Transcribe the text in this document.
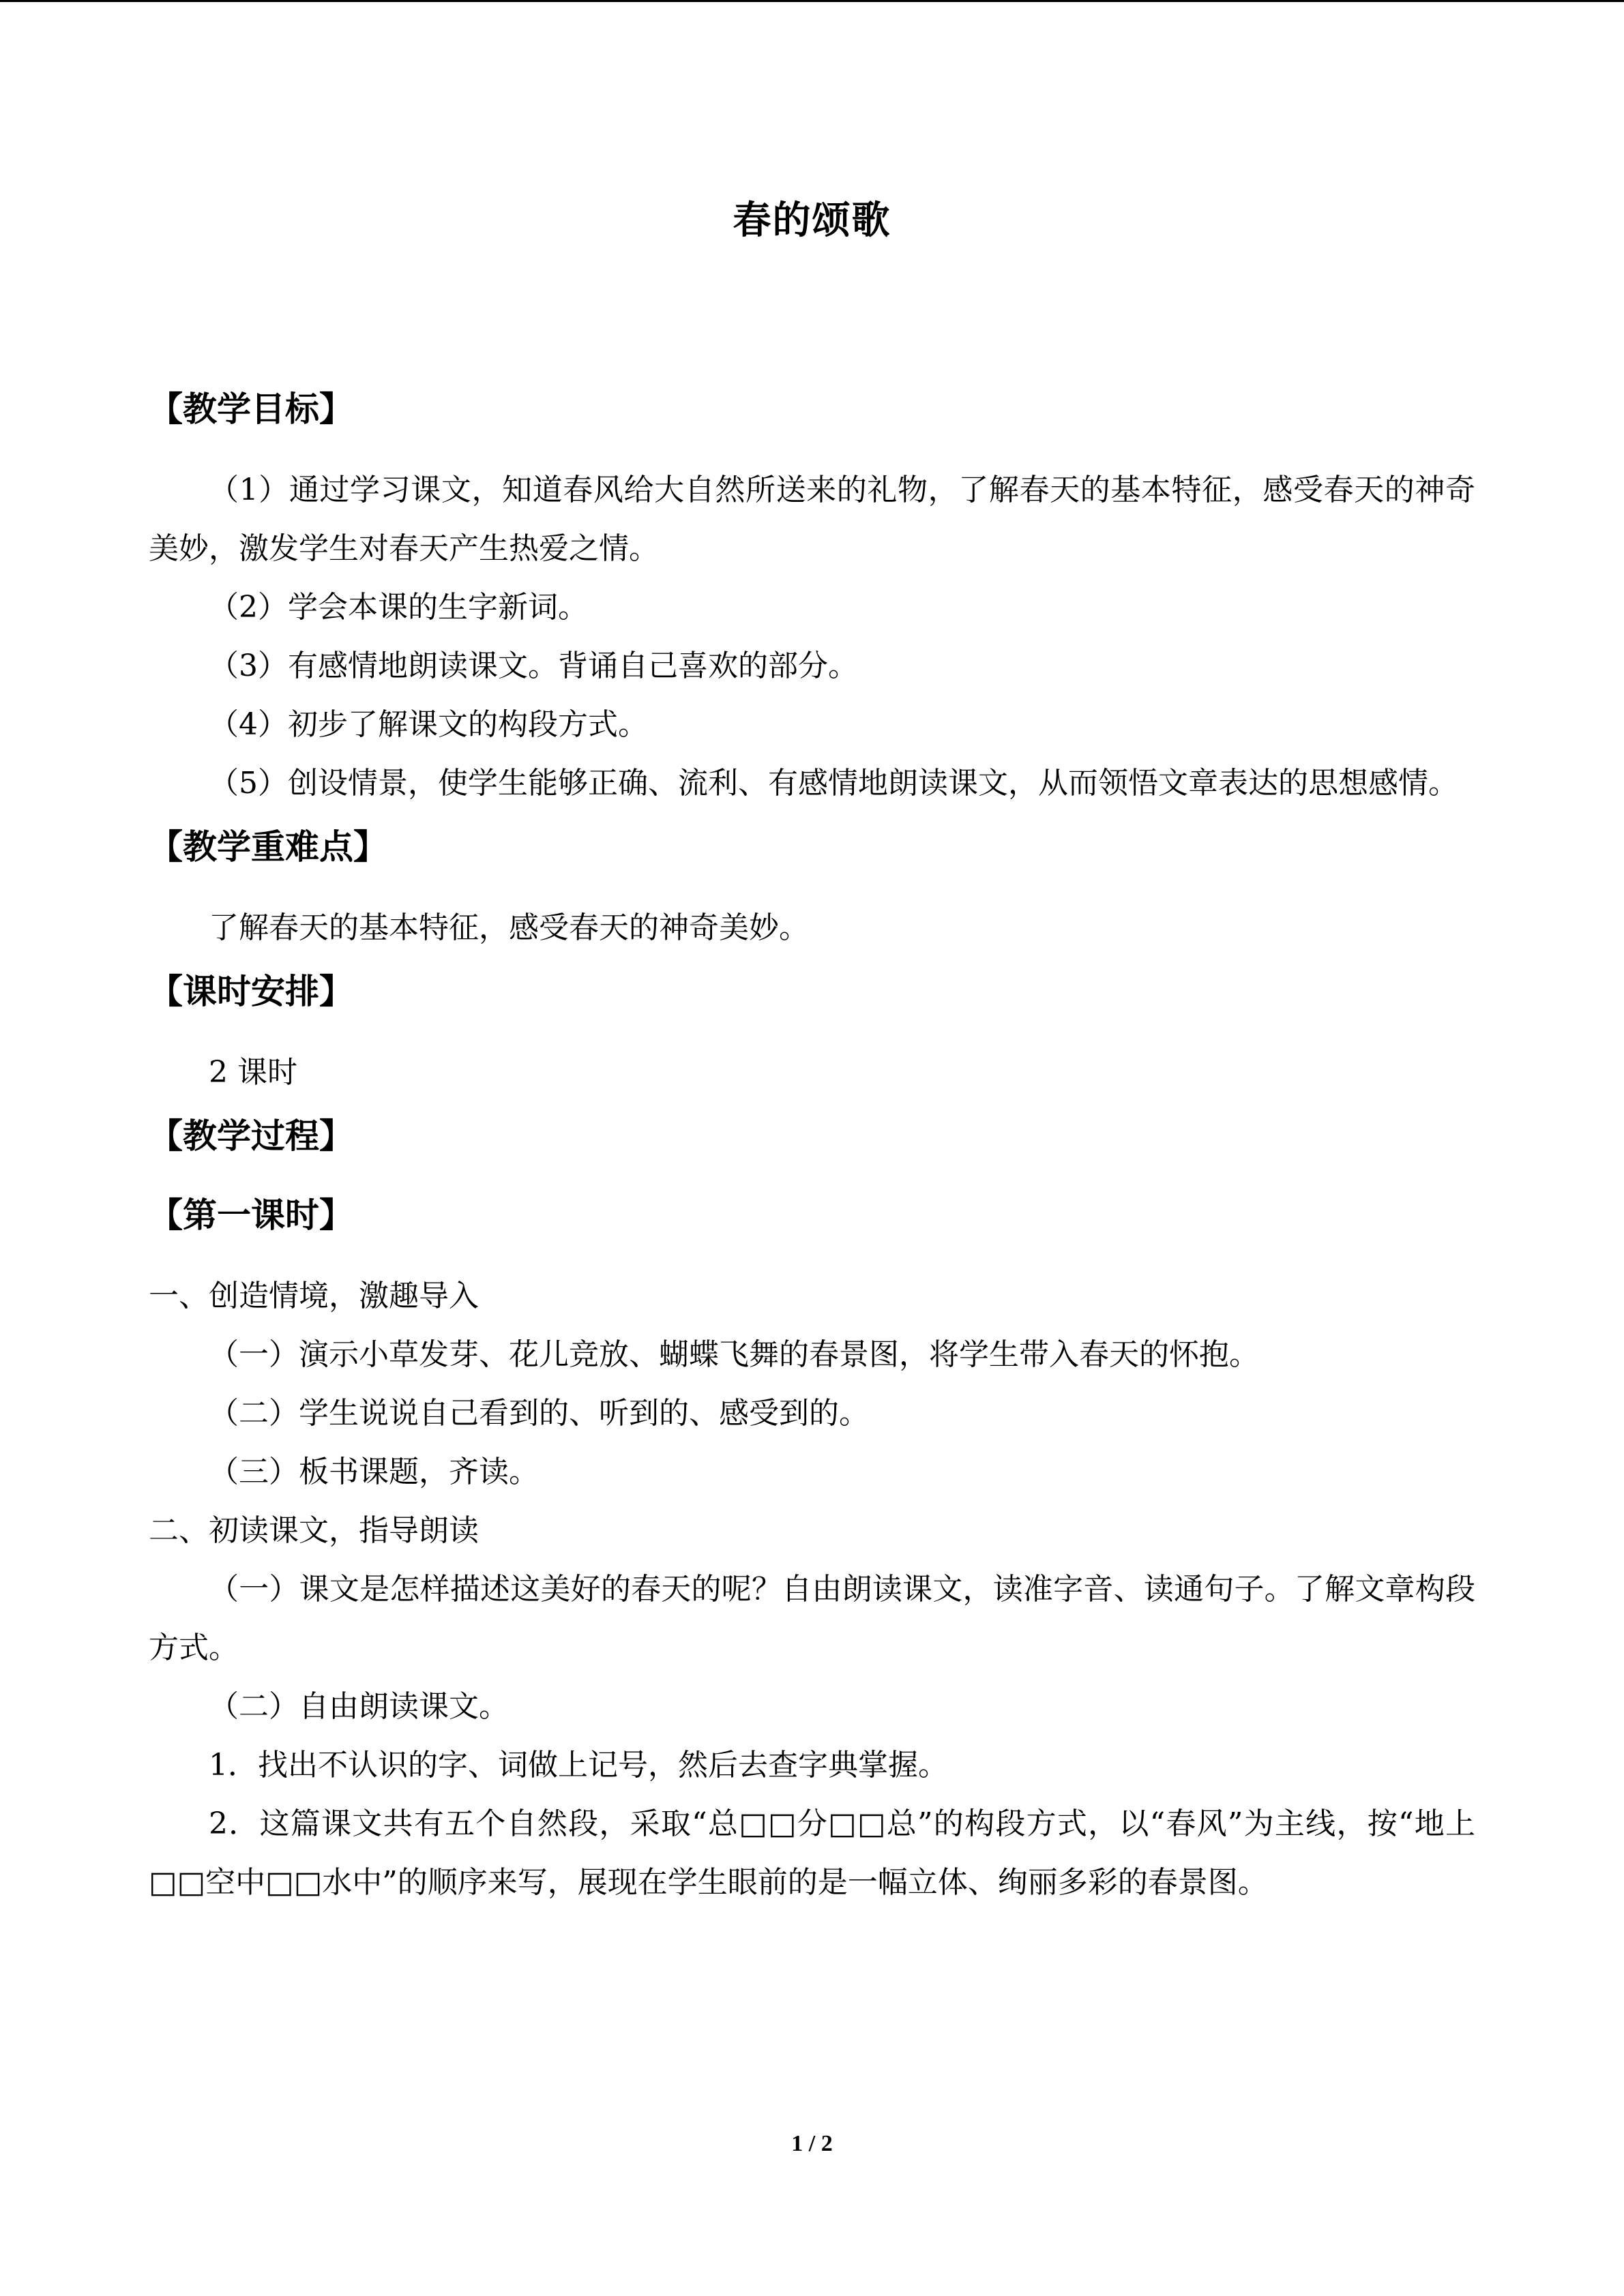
春的颂歌
【教学目标】

（1）通过学习课文，知道春风给大自然所送来的礼物，了解春天的基本特征，感受春天的神奇美妙，激发学生对春天产生热爱之情。

（2）学会本课的生字新词。

（3）有感情地朗读课文。背诵自己喜欢的部分。

（4）初步了解课文的构段方式。

（5）创设情景，使学生能够正确、流利、有感情地朗读课文，从而领悟文章表达的思想感情。

【教学重难点】

了解春天的基本特征，感受春天的神奇美妙。

【课时安排】

2 课时

【教学过程】
【第一课时】

一、创造情境，激趣导入

（一）演示小草发芽、花儿竞放、蝴蝶飞舞的春景图，将学生带入春天的怀抱。

（二）学生说说自己看到的、听到的、感受到的。

（三）板书课题，齐读。

二、初读课文，指导朗读

（一）课文是怎样描述这美好的春天的呢？自由朗读课文，读准字音、读通句子。了解文章构段方式。

（二）自由朗读课文。

1．找出不认识的字、词做上记号，然后去查字典掌握。

2．这篇课文共有五个自然段，采取“总□□分□□总”的构段方式，以“春风”为主线，按“地上□□空中□□水中”的顺序来写，展现在学生眼前的是一幅立体、绚丽多彩的春景图。

1 / 2
